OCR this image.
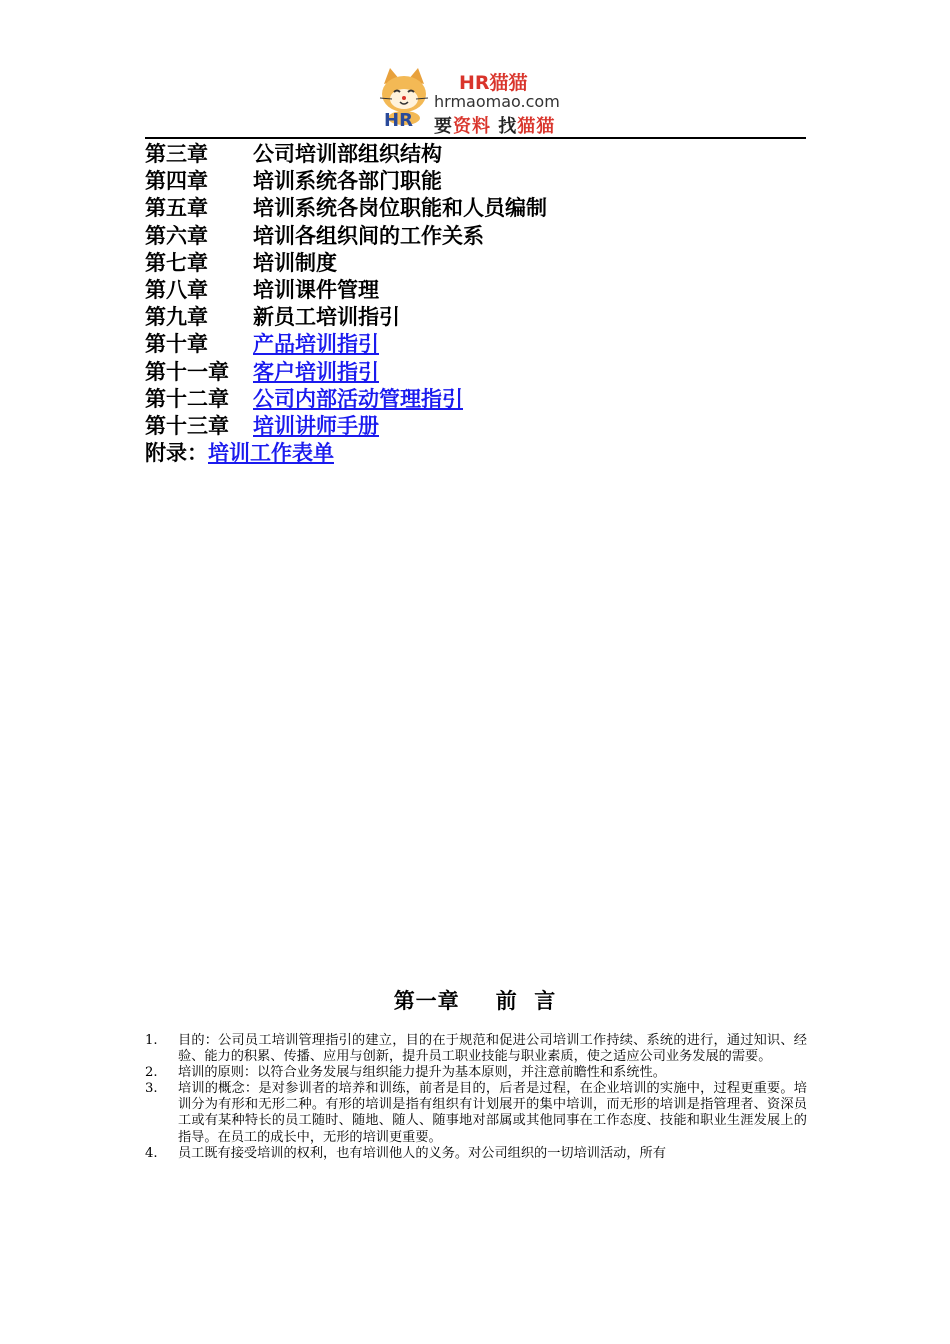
HR猫猫
hrmaomao.com
HR 要资料 找猫猫
第三章 公司培训部组织结构
第四章 培训系统各部门职能
第五章 培训系统各岗位职能和人员编制
第六章 培训各组织间的工作关系
第七章 培训制度
第八章 培训课件管理
第九章 新员工培训指引
第十章 产品培训指引
第十一章 客户培训指引
第十二章 公司内部活动管理指引
第十三章 培训讲师手册
附录：培训工作表单
第一章 前  言
1. 目的：公司员工培训管理指引的建立，目的在于规范和促进公司培训工作持续、系统的进行，通过知识、经验、能力的积累、传播、应用与创新，提升员工职业技能与职业素质，使之适应公司业务发展的需要。
2. 培训的原则：以符合业务发展与组织能力提升为基本原则，并注意前瞻性和系统性。
3. 培训的概念：是对参训者的培养和训练，前者是目的，后者是过程，在企业培训的实施中，过程更重要。培训分为有形和无形二种。有形的培训是指有组织有计划展开的集中培训，而无形的培训是指管理者、资深员工或有某种特长的员工随时、随地、随人、随事地对部属或其他同事在工作态度、技能和职业生涯发展上的指导。在员工的成长中，无形的培训更重要。
4. 员工既有接受培训的权利，也有培训他人的义务。对公司组织的一切培训活动，所有
